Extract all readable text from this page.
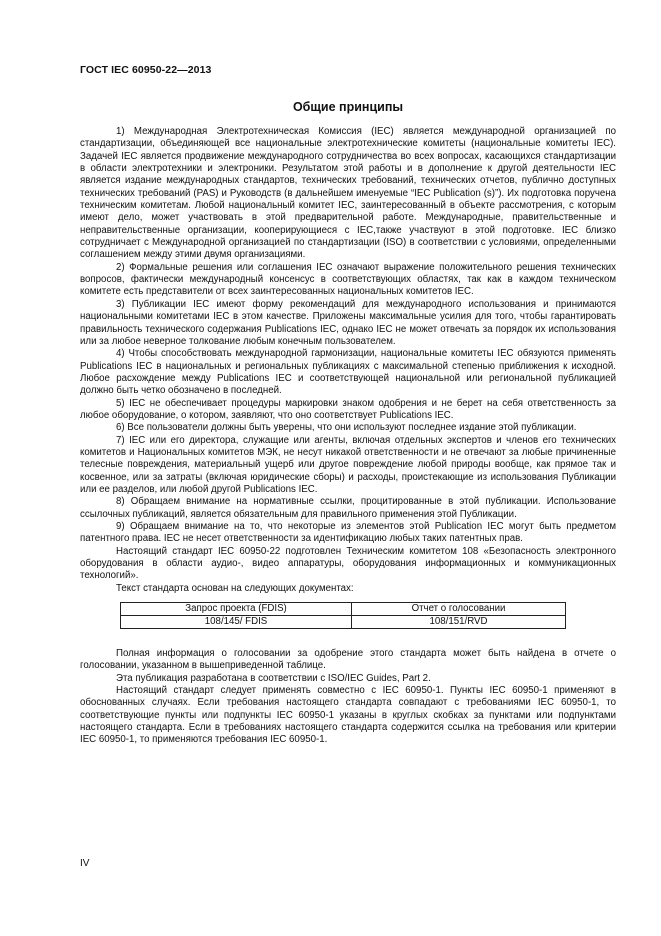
ГОСТ IEC 60950-22—2013
Общие принципы

1) Международная Электротехническая Комиссия (IEC) является международной организацией по стандартизации, объединяющей все национальные электротехнические комитеты (национальные комитеты IEC). Задачей IEC является продвижение международного сотрудничества во всех вопросах, касающихся стандартизации в области электротехники и электроники. Результатом этой работы и в дополнение к другой деятельности IEC является издание международных стандартов, технических требований, технических отчетов, публично доступных технических требований (PAS) и Руководств (в дальнейшем именуемые “IEC Publication (s)”). Их подготовка поручена техническим комитетам. Любой национальный комитет IEC, заинтересованный в объекте рассмотрения, с которым имеют дело, может участвовать в этой предварительной работе. Международные, правительственные и неправительственные организации, кооперирующиеся с IEC,также участвуют в этой подготовке. IEC близко сотрудничает с Международной организацией по стандартизации (ISO) в соответствии с условиями, определенными соглашением между этими двумя организациями.

2) Формальные решения или соглашения IEC означают выражение положительного решения технических вопросов, фактически международный консенсус в соответствующих областях, так как в каждом техническом комитете есть представители от всех заинтересованных национальных комитетов IEC.

3) Публикации IEC имеют форму рекомендаций для международного использования и принимаются национальными комитетами IEC в этом качестве. Приложены максимальные усилия для того, чтобы гарантировать правильность технического содержания Publications IEC, однако IEC не может отвечать за порядок их использования или за любое неверное толкование любым конечным пользователем.

4) Чтобы способствовать международной гармонизации, национальные комитеты IEC обязуются применять Publications IEC в национальных и региональных публикациях с максимальной степенью приближения к исходной. Любое расхождение между Publications IEC и соответствующей национальной или региональной публикацией должно быть четко обозначено в последней.

5) IEC не обеспечивает процедуры маркировки знаком одобрения и не берет на себя ответственность за любое оборудование, о котором, заявляют, что оно соответствует Publications IEC.

6) Все пользователи должны быть уверены, что они используют последнее издание этой публикации.

7) IEC или его директора, служащие или агенты, включая отдельных экспертов и членов его технических комитетов и Национальных комитетов МЭК, не несут никакой ответственности и не отвечают за любые причиненные телесные повреждения, материальный ущерб или другое повреждение любой природы вообще, как прямое так и косвенное, или за затраты (включая юридические сборы) и расходы, проистекающие из использования Публикации или ее разделов, или любой другой Publications IEC.

8) Обращаем внимание на нормативные ссылки, процитированные в этой публикации. Использование ссылочных публикаций, является обязательным для правильного применения этой Публикации.

9) Обращаем внимание на то, что некоторые из элементов этой Publication IEC могут быть предметом патентного права. IEC не несет ответственности за идентификацию любых таких патентных прав.

Настоящий стандарт IEC 60950-22 подготовлен Техническим комитетом 108 «Безопасность электронного оборудования в области аудио-, видео аппаратуры, оборудования информационных и коммуникационных технологий».

Текст стандарта основан на следующих документах:

Запрос проекта (FDIS)	Отчет о голосовании
108/145/ FDIS	108/151/RVD

Полная информация о голосовании за одобрение этого стандарта может быть найдена в отчете о голосовании, указанном в вышеприведенной таблице.

Эта публикация разработана в соответствии с ISO/IEC Guides, Part 2.

Настоящий стандарт следует применять совместно с IEC 60950-1. Пункты IEC 60950-1 применяют в обоснованных случаях. Если требования настоящего стандарта совпадают с требованиями IEC 60950-1, то соответствующие пункты или подпункты IEC 60950-1 указаны в круглых скобках за пунктами или подпунктами настоящего стандарта. Если в требованиях настоящего стандарта содержится ссылка на требования или критерии IEC 60950-1, то применяются требования IEC 60950-1.

IV
